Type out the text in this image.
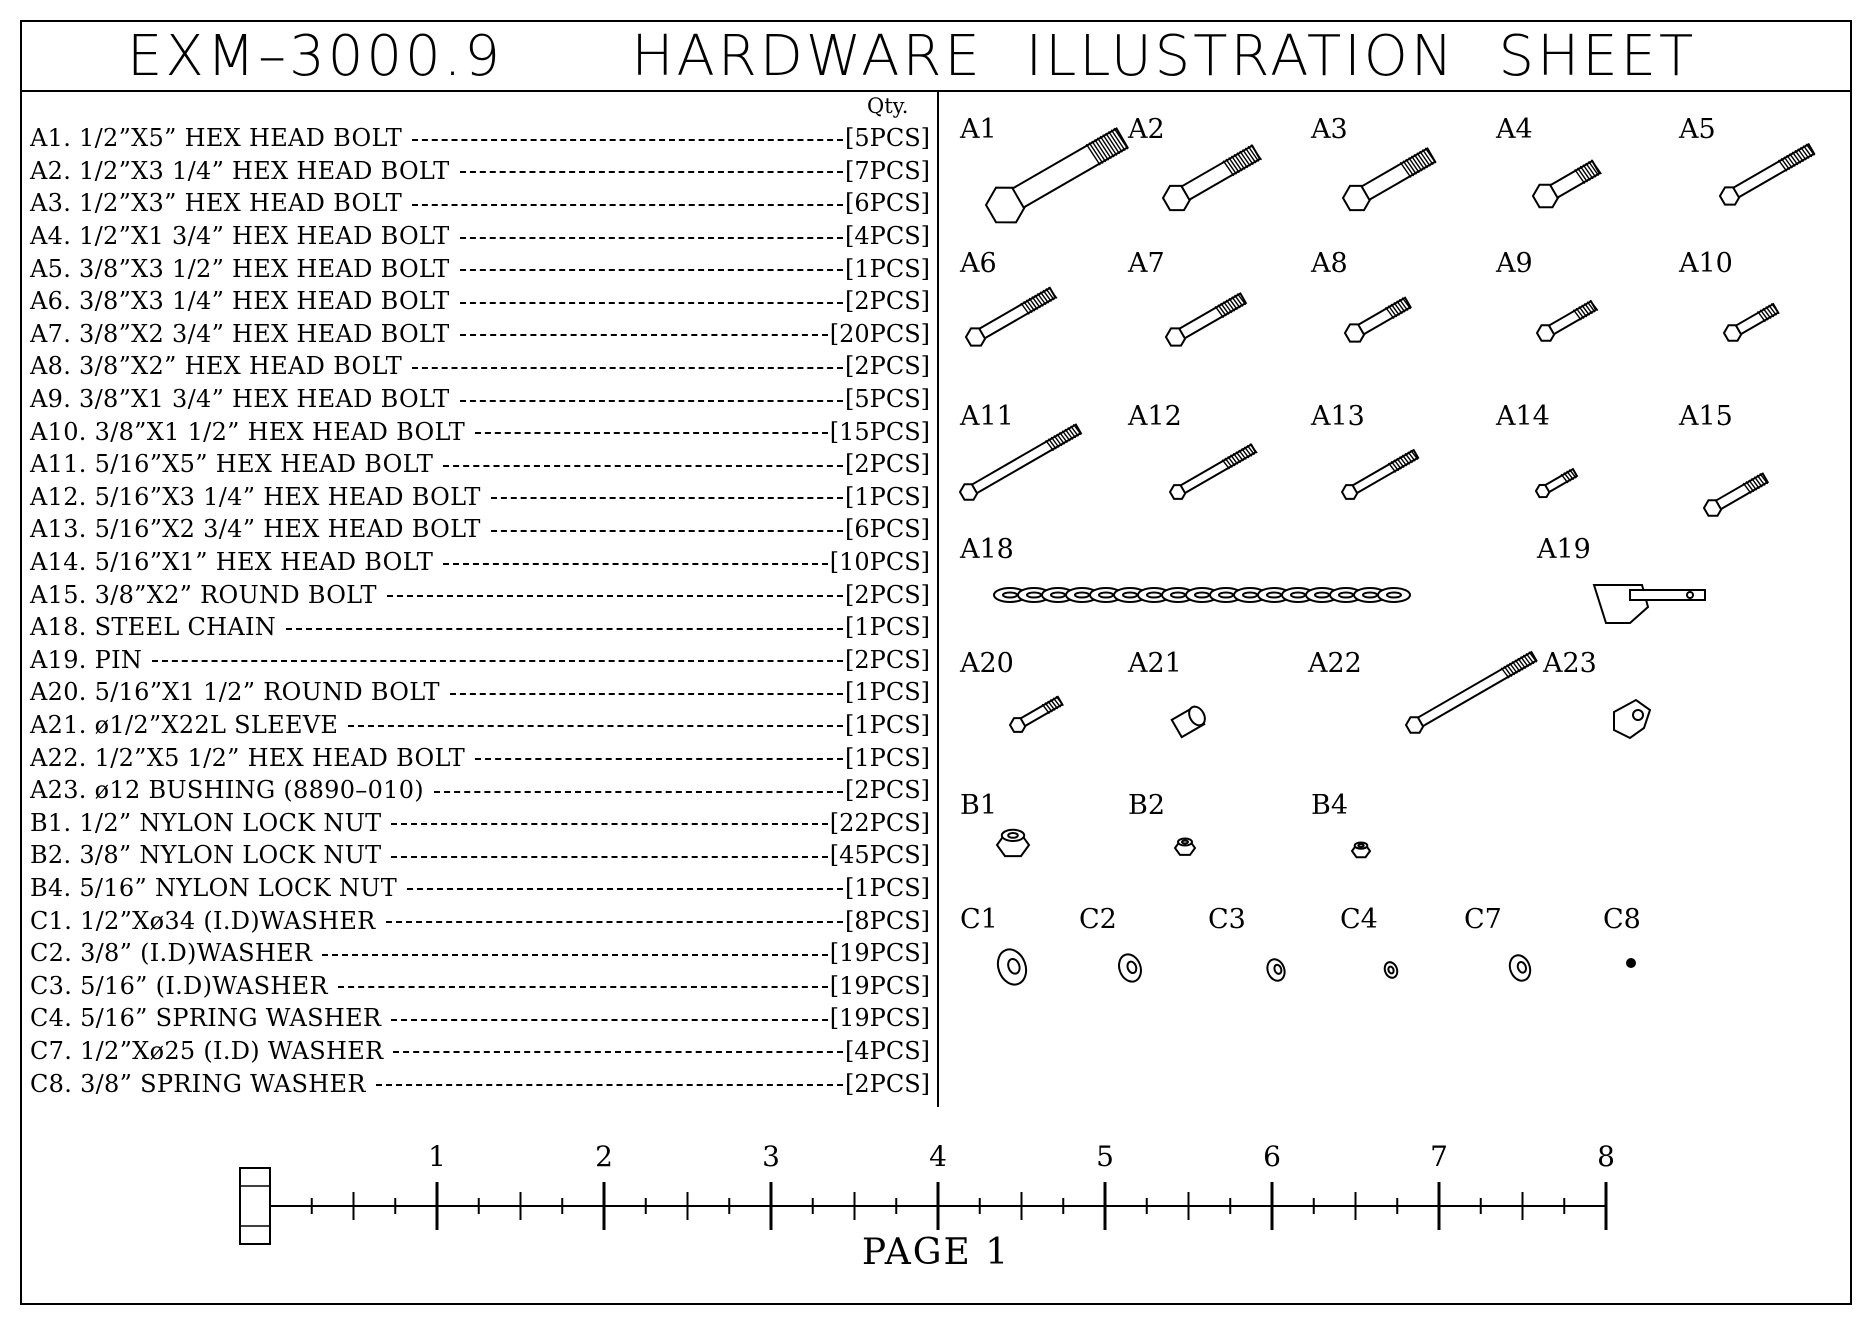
EXM–3000.9   HARDWARE ILLUSTRATION SHEET
Qty.
A1. 1/2”X5” HEX HEAD BOLT	[5PCS]
A2. 1/2”X3 1/4” HEX HEAD BOLT	[7PCS]
A3. 1/2”X3” HEX HEAD BOLT	[6PCS]
A4. 1/2”X1 3/4” HEX HEAD BOLT	[4PCS]
A5. 3/8”X3 1/2” HEX HEAD BOLT	[1PCS]
A6. 3/8”X3 1/4” HEX HEAD BOLT	[2PCS]
A7. 3/8”X2 3/4” HEX HEAD BOLT	[20PCS]
A8. 3/8”X2” HEX HEAD BOLT	[2PCS]
A9. 3/8”X1 3/4” HEX HEAD BOLT	[5PCS]
A10. 3/8”X1 1/2” HEX HEAD BOLT	[15PCS]
A11. 5/16”X5” HEX HEAD BOLT	[2PCS]
A12. 5/16”X3 1/4” HEX HEAD BOLT	[1PCS]
A13. 5/16”X2 3/4” HEX HEAD BOLT	[6PCS]
A14. 5/16”X1” HEX HEAD BOLT	[10PCS]
A15. 3/8”X2” ROUND BOLT	[2PCS]
A18. STEEL CHAIN	[1PCS]
A19. PIN	[2PCS]
A20. 5/16”X1 1/2” ROUND BOLT	[1PCS]
A21. ø1/2”X22L SLEEVE	[1PCS]
A22. 1/2”X5 1/2” HEX HEAD BOLT	[1PCS]
A23. ø12 BUSHING (8890–010)	[2PCS]
B1. 1/2” NYLON LOCK NUT	[22PCS]
B2. 3/8” NYLON LOCK NUT	[45PCS]
B4. 5/16” NYLON LOCK NUT	[1PCS]
C1. 1/2”Xø34 (I.D)WASHER	[8PCS]
C2. 3/8” (I.D)WASHER	[19PCS]
C3. 5/16” (I.D)WASHER	[19PCS]
C4. 5/16” SPRING WASHER	[19PCS]
C7. 1/2”Xø25 (I.D) WASHER	[4PCS]
C8. 3/8” SPRING WASHER	[2PCS]
PAGE 1
A1	A2	A3	A4	A5
A6	A7	A8	A9	A10
A11	A12	A13	A14	A15
A20	A22
A18	A19
A21	A23
B1	B2	B4
C1	C2	C3	C4	C7	C8
1	2	3	4	5	6	7	8
